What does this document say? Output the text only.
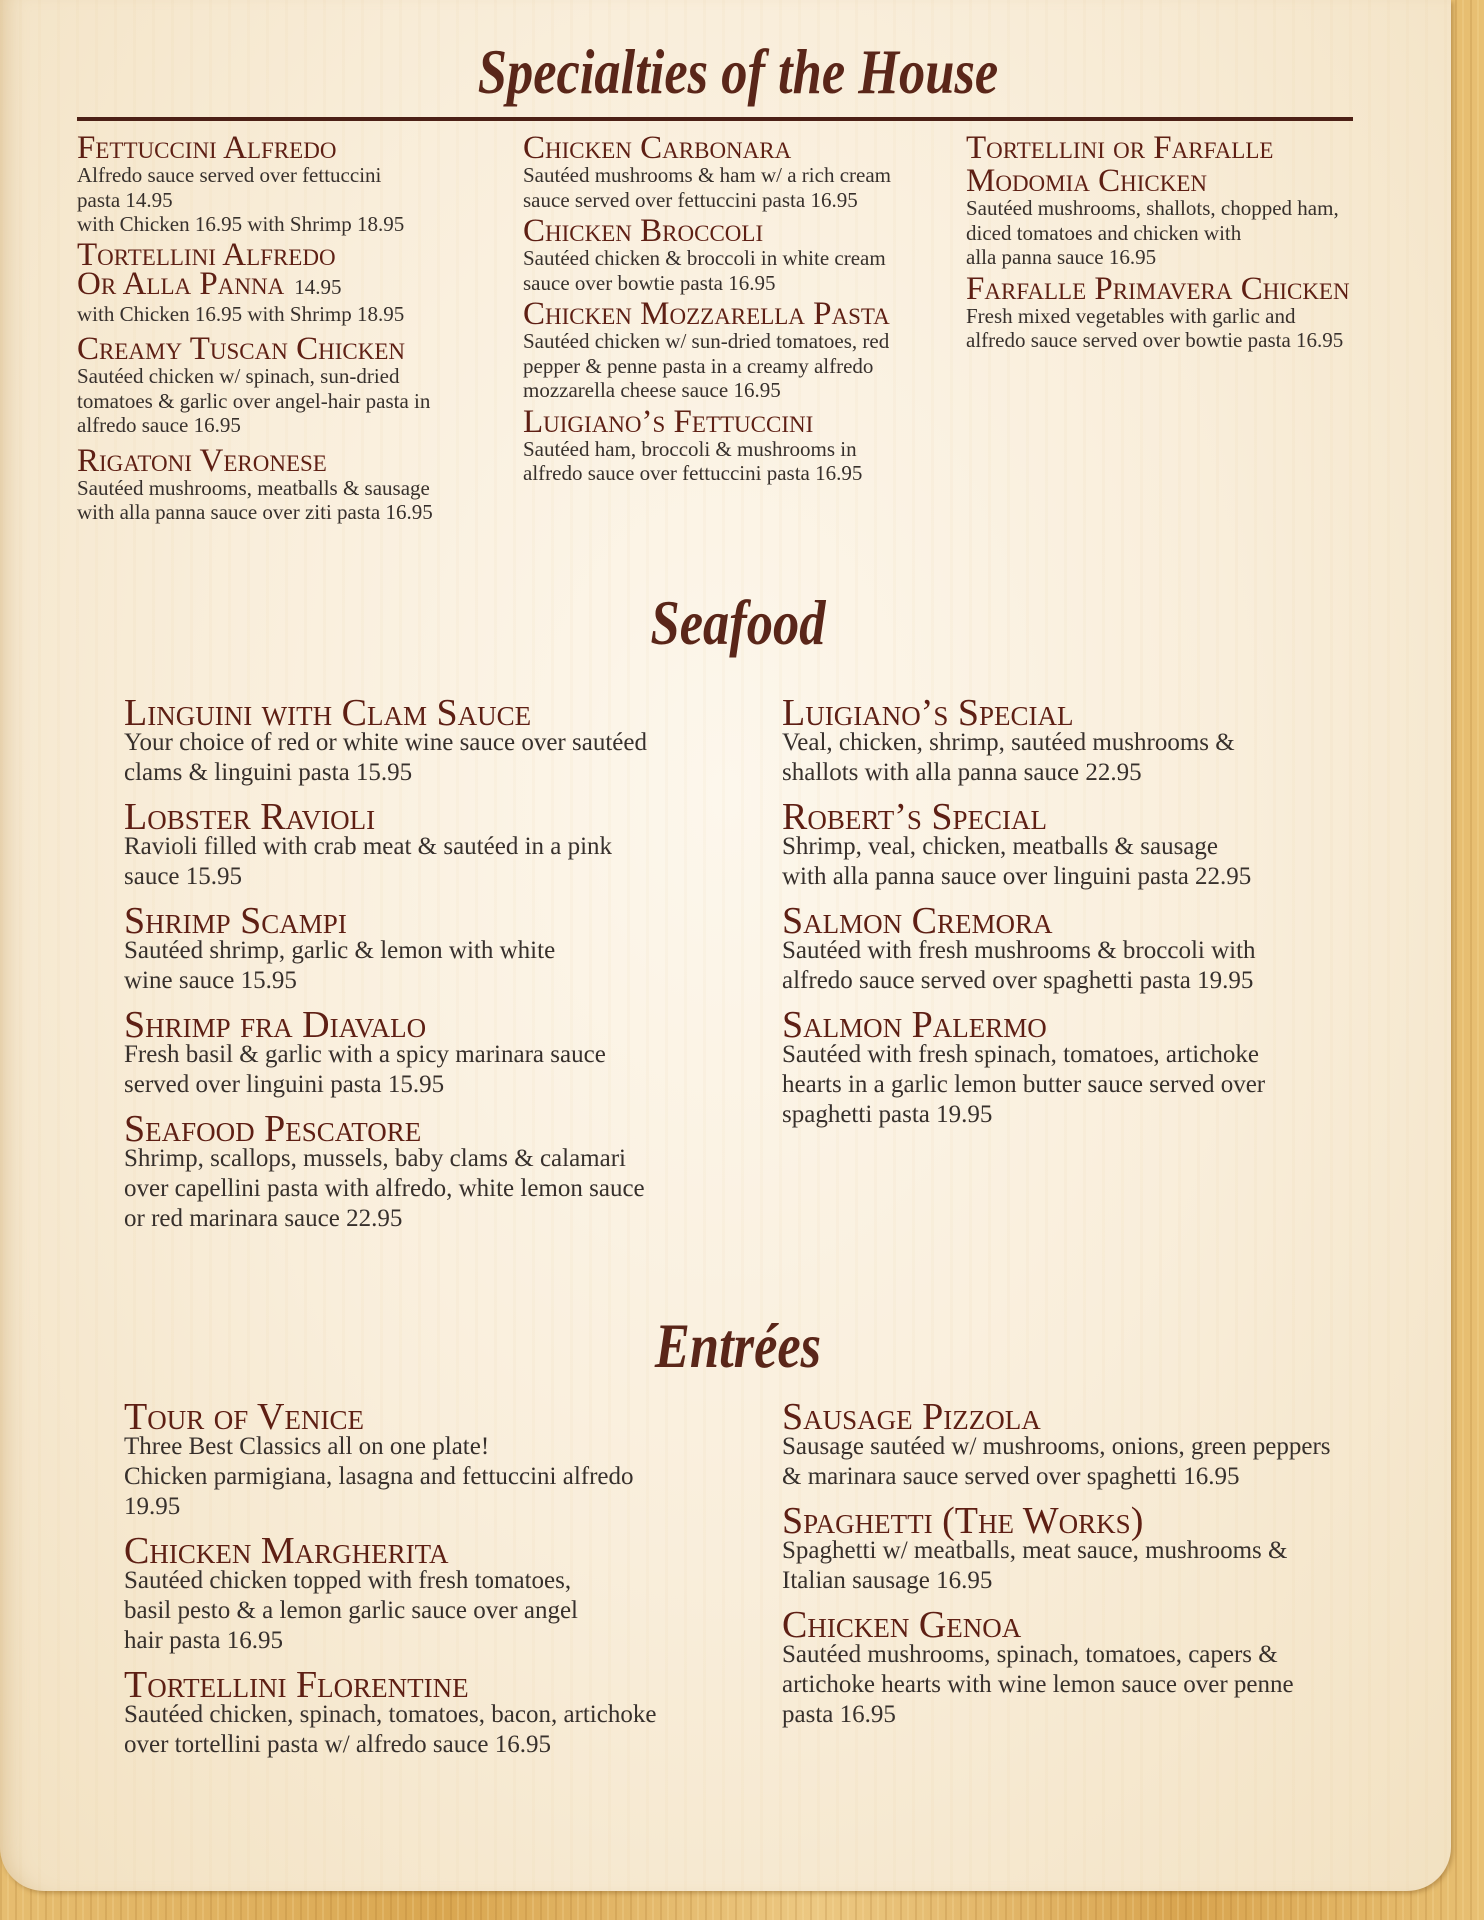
Specialties of the House
Fettuccini Alfredo
Alfredo sauce served over fettuccini
pasta 14.95
with Chicken 16.95 with Shrimp 18.95
Tortellini Alfredo
Or Alla Panna 14.95
with Chicken 16.95 with Shrimp 18.95
Creamy Tuscan Chicken
Sautéed chicken w/ spinach, sun-dried
tomatoes & garlic over angel-hair pasta in
alfredo sauce 16.95
Rigatoni Veronese
Sautéed mushrooms, meatballs & sausage
with alla panna sauce over ziti pasta 16.95
Chicken Carbonara
Sautéed mushrooms & ham w/ a rich cream
sauce served over fettuccini pasta 16.95
Chicken Broccoli
Sautéed chicken & broccoli in white cream
sauce over bowtie pasta 16.95
Chicken Mozzarella Pasta
Sautéed chicken w/ sun-dried tomatoes, red
pepper & penne pasta in a creamy alfredo
mozzarella cheese sauce 16.95
Luigiano’s Fettuccini
Sautéed ham, broccoli & mushrooms in
alfredo sauce over fettuccini pasta 16.95
Tortellini or Farfalle
Modomia Chicken
Sautéed mushrooms, shallots, chopped ham,
diced tomatoes and chicken with
alla panna sauce 16.95
Farfalle Primavera Chicken
Fresh mixed vegetables with garlic and
alfredo sauce served over bowtie pasta 16.95
Seafood
Linguini with Clam Sauce
Your choice of red or white wine sauce over sautéed
clams & linguini pasta 15.95
Lobster Ravioli
Ravioli filled with crab meat & sautéed in a pink
sauce 15.95
Shrimp Scampi
Sautéed shrimp, garlic & lemon with white
wine sauce 15.95
Shrimp fra Diavalo
Fresh basil & garlic with a spicy marinara sauce
served over linguini pasta 15.95
Seafood Pescatore
Shrimp, scallops, mussels, baby clams & calamari
over capellini pasta with alfredo, white lemon sauce
or red marinara sauce 22.95
Luigiano’s Special
Veal, chicken, shrimp, sautéed mushrooms &
shallots with alla panna sauce 22.95
Robert’s Special
Shrimp, veal, chicken, meatballs & sausage
with alla panna sauce over linguini pasta 22.95
Salmon Cremora
Sautéed with fresh mushrooms & broccoli with
alfredo sauce served over spaghetti pasta 19.95
Salmon Palermo
Sautéed with fresh spinach, tomatoes, artichoke
hearts in a garlic lemon butter sauce served over
spaghetti pasta 19.95
Entrées
Tour of Venice
Three Best Classics all on one plate!
Chicken parmigiana, lasagna and fettuccini alfredo
19.95
Chicken Margherita
Sautéed chicken topped with fresh tomatoes,
basil pesto & a lemon garlic sauce over angel
hair pasta 16.95
Tortellini Florentine
Sautéed chicken, spinach, tomatoes, bacon, artichoke
over tortellini pasta w/ alfredo sauce 16.95
Sausage Pizzola
Sausage sautéed w/ mushrooms, onions, green peppers
& marinara sauce served over spaghetti 16.95
Spaghetti (The Works)
Spaghetti w/ meatballs, meat sauce, mushrooms &
Italian sausage 16.95
Chicken Genoa
Sautéed mushrooms, spinach, tomatoes, capers &
artichoke hearts with wine lemon sauce over penne
pasta 16.95
